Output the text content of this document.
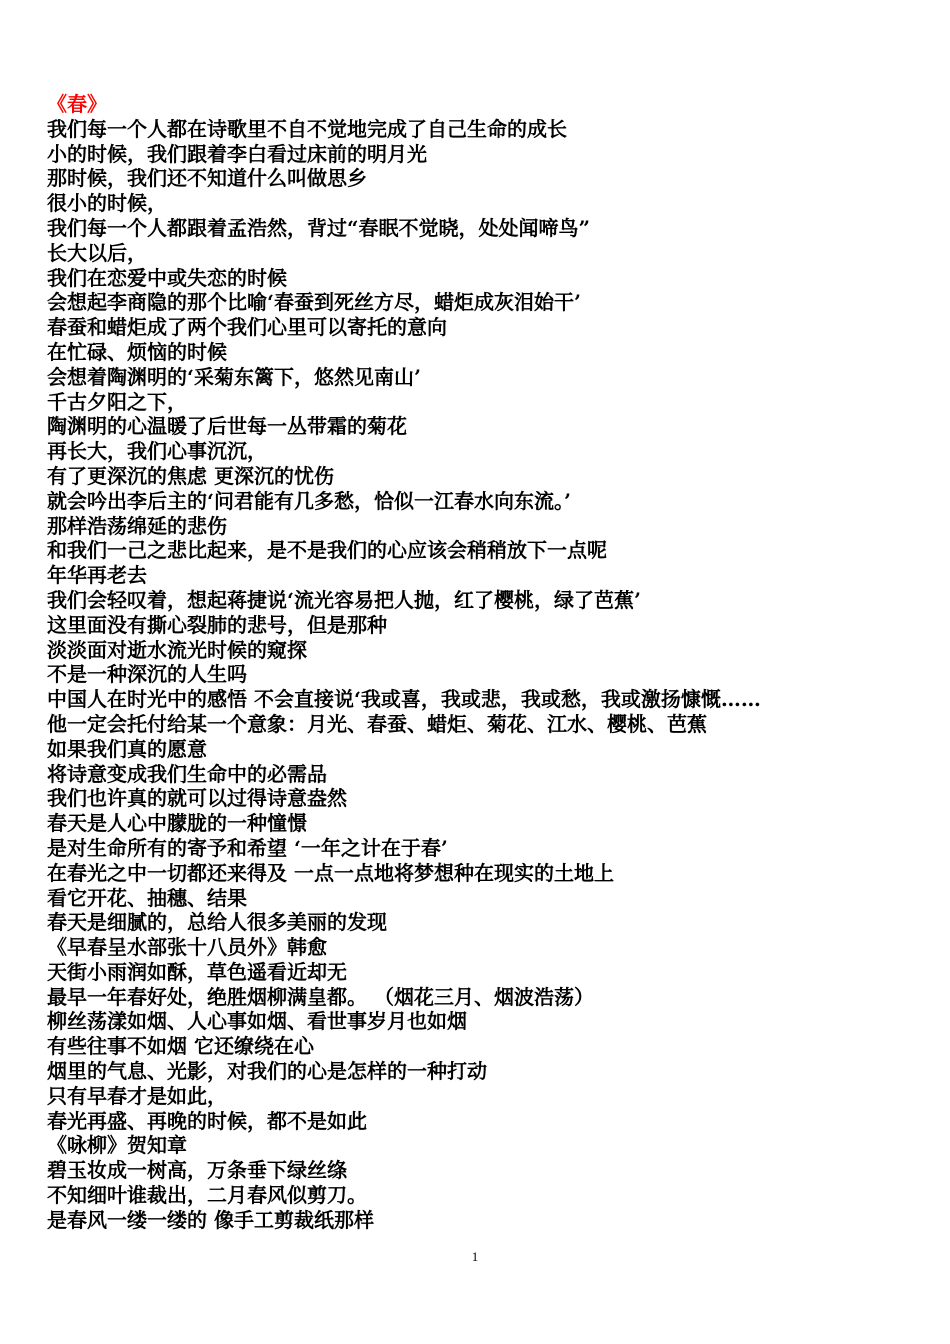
《春》
我们每一个人都在诗歌里不自不觉地完成了自己生命的成长
小的时候，我们跟着李白看过床前的明月光
那时候，我们还不知道什么叫做思乡
很小的时候，
我们每一个人都跟着孟浩然，背过“春眠不觉晓，处处闻啼鸟”
长大以后，
我们在恋爱中或失恋的时候
会想起李商隐的那个比喻‘春蚕到死丝方尽，蜡炬成灰泪始干’
春蚕和蜡炬成了两个我们心里可以寄托的意向
在忙碌、烦恼的时候
会想着陶渊明的‘采菊东篱下，悠然见南山’
千古夕阳之下，
陶渊明的心温暖了后世每一丛带霜的菊花
再长大，我们心事沉沉，
有了更深沉的焦虑 更深沉的忧伤
就会吟出李后主的‘问君能有几多愁，恰似一江春水向东流。’
那样浩荡绵延的悲伤
和我们一己之悲比起来，是不是我们的心应该会稍稍放下一点呢
年华再老去
我们会轻叹着，想起蒋捷说‘流光容易把人抛，红了樱桃，绿了芭蕉’
这里面没有撕心裂肺的悲号，但是那种
淡淡面对逝水流光时候的窥探
不是一种深沉的人生吗
中国人在时光中的感悟 不会直接说‘我或喜，我或悲，我或愁，我或激扬慷慨……
他一定会托付给某一个意象：月光、春蚕、蜡炬、菊花、江水、樱桃、芭蕉
如果我们真的愿意
将诗意变成我们生命中的必需品
我们也许真的就可以过得诗意盎然
春天是人心中朦胧的一种憧憬
是对生命所有的寄予和希望 ‘一年之计在于春’
在春光之中一切都还来得及 一点一点地将梦想种在现实的土地上
看它开花、抽穗、结果
春天是细腻的，总给人很多美丽的发现
《早春呈水部张十八员外》韩愈
天街小雨润如酥，草色遥看近却无
最早一年春好处，绝胜烟柳满皇都。 （烟花三月、烟波浩荡）
柳丝荡漾如烟、人心事如烟、看世事岁月也如烟
有些往事不如烟 它还缭绕在心
烟里的气息、光影，对我们的心是怎样的一种打动
只有早春才是如此，
春光再盛、再晚的时候，都不是如此
《咏柳》贺知章
碧玉妆成一树高，万条垂下绿丝绦
不知细叶谁裁出，二月春风似剪刀。
是春风一缕一缕的 像手工剪裁纸那样
1
